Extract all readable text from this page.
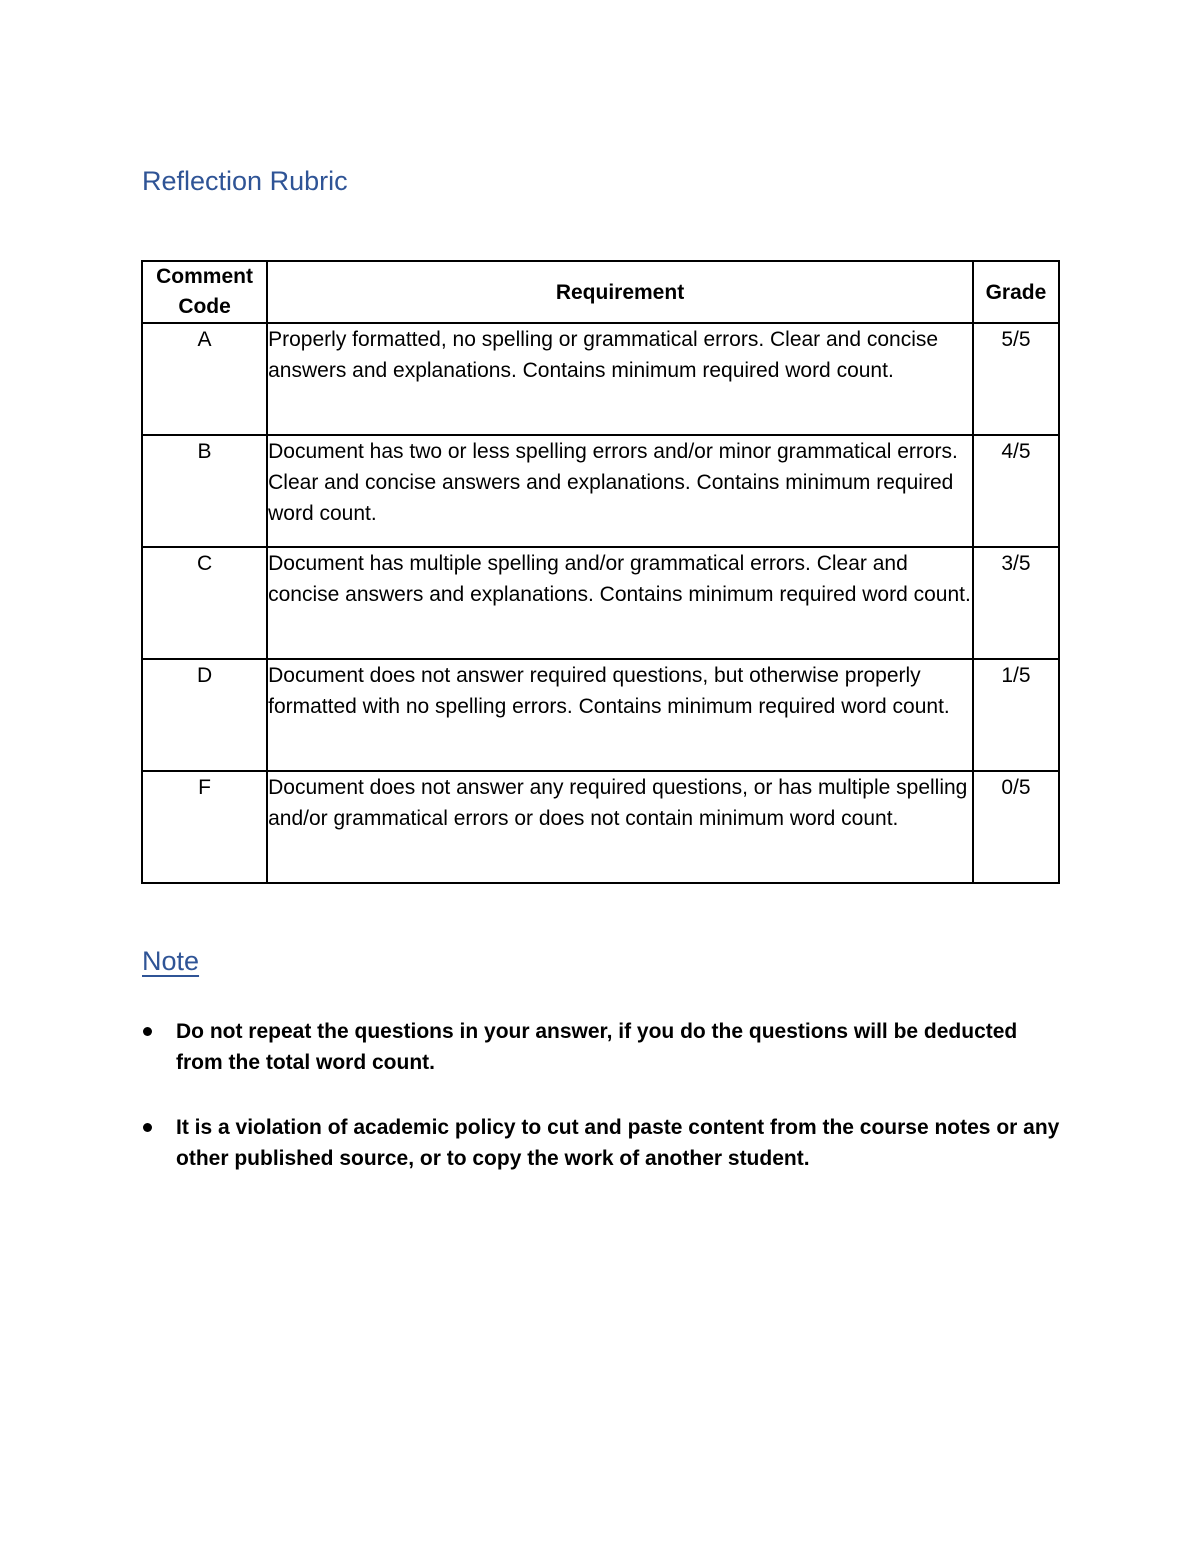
Reflection Rubric
Comment Code	Requirement	Grade
A	Properly formatted, no spelling or grammatical errors. Clear and concise answers and explanations. Contains minimum required word count.	5/5
B	Document has two or less spelling errors and/or minor grammatical errors. Clear and concise answers and explanations. Contains minimum required word count.	4/5
C	Document has multiple spelling and/or grammatical errors. Clear and concise answers and explanations. Contains minimum required word count.	3/5
D	Document does not answer required questions, but otherwise properly formatted with no spelling errors. Contains minimum required word count.	1/5
F	Document does not answer any required questions, or has multiple spelling and/or grammatical errors or does not contain minimum word count.	0/5
Note
Do not repeat the questions in your answer, if you do the questions will be deducted from the total word count.
It is a violation of academic policy to cut and paste content from the course notes or any other published source, or to copy the work of another student.
